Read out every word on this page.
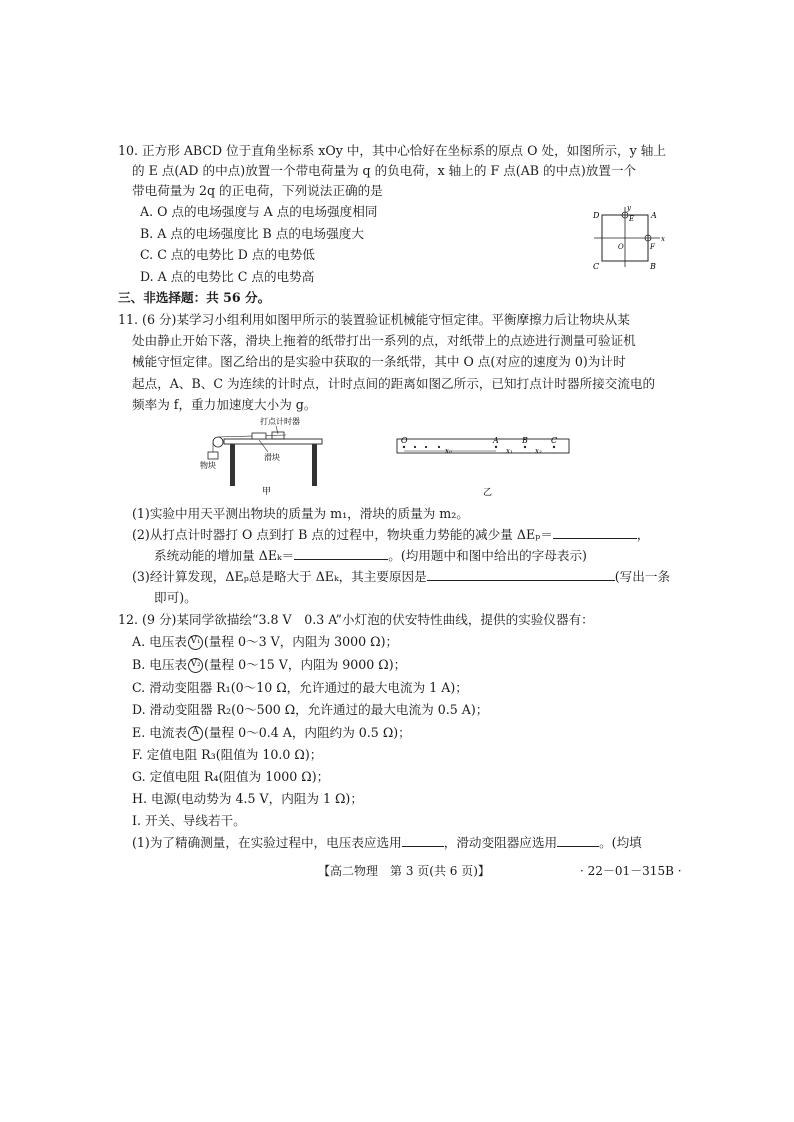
10. 正方形 ABCD 位于直角坐标系 xOy 中，其中心恰好在坐标系的原点 O 处，如图所示，y 轴上
的 E 点(AD 的中点)放置一个带电荷量为 q 的负电荷，x 轴上的 F 点(AB 的中点)放置一个
带电荷量为 2q 的正电荷，下列说法正确的是
A. O 点的电场强度与 A 点的电场强度相同
B. A 点的电场强度比 B 点的电场强度大
C. C 点的电势比 D 点的电势低
D. A 点的电势比 C 点的电势高
D	A
C	B
E
F
O
x
y
三、非选择题：共 56 分。
11. (6 分)某学习小组利用如图甲所示的装置验证机械能守恒定律。平衡摩擦力后让物块从某
处由静止开始下落，滑块上拖着的纸带打出一系列的点，对纸带上的点迹进行测量可验证机
械能守恒定律。图乙给出的是实验中获取的一条纸带，其中 O 点(对应的速度为 0)为计时
起点，A、B、C 为连续的计时点，计时点间的距离如图乙所示，已知打点计时器所接交流电的
频率为 f，重力加速度大小为 g。
打点计时器
物块
滑块
甲
O	A	B	C
x₀	x₁	x₂
乙
(1)实验中用天平测出物块的质量为 m₁，滑块的质量为 m₂。
(2)从打点计时器打 O 点到打 B 点的过程中，物块重力势能的减少量 ΔEₚ＝	，
系统动能的增加量 ΔEₖ＝	。(均用题中和图中给出的字母表示)
(3)经计算发现，ΔEₚ总是略大于 ΔEₖ，其主要原因是	(写出一条
即可)。
12. (9 分)某同学欲描绘“3.8 V　0.3 A”小灯泡的伏安特性曲线，提供的实验仪器有：
A. 电压表 V₁ (量程 0～3 V，内阻为 3000 Ω)；
B. 电压表 V₂ (量程 0～15 V，内阻为 9000 Ω)；
C. 滑动变阻器 R₁(0～10 Ω，允许通过的最大电流为 1 A)；
D. 滑动变阻器 R₂(0～500 Ω，允许通过的最大电流为 0.5 A)；
E. 电流表 A (量程 0～0.4 A，内阻约为 0.5 Ω)；
F. 定值电阻 R₃(阻值为 10.0 Ω)；
G. 定值电阻 R₄(阻值为 1000 Ω)；
H. 电源(电动势为 4.5 V，内阻为 1 Ω)；
I. 开关、导线若干。
(1)为了精确测量，在实验过程中，电压表应选用	，滑动变阻器应选用	。(均填
【高二物理　第 3 页(共 6 页)】	· 22－01－315B ·
